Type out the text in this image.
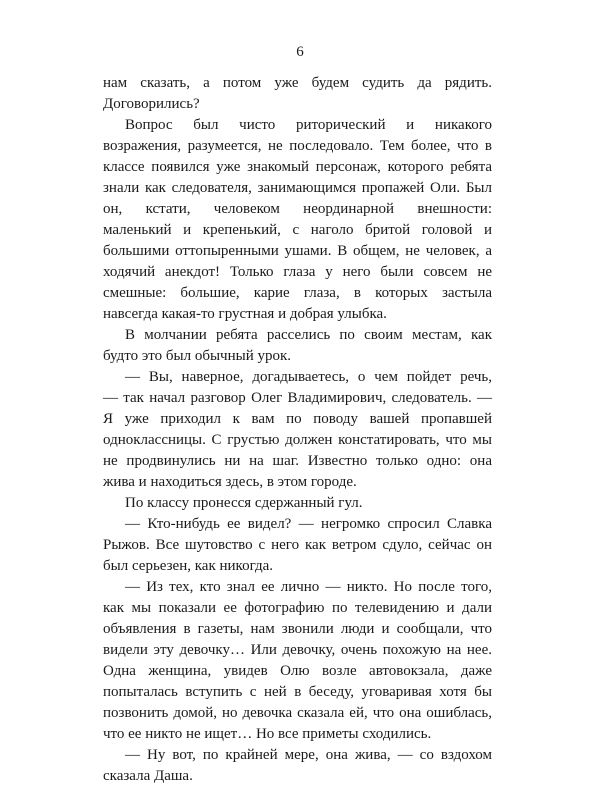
6
нам сказать, а потом уже будем судить да рядить.
Договорились?
Вопрос был чисто риторический и никакого
возражения, разумеется, не последовало. Тем более, что в
классе появился уже знакомый персонаж, которого ребята
знали как следователя, занимающимся пропажей Оли. Был
он, кстати, человеком неординарной внешности:
маленький и крепенький, с наголо бритой головой и
большими оттопыренными ушами. В общем, не человек, а
ходячий анекдот! Только глаза у него были совсем не
смешные: большие, карие глаза, в которых застыла
навсегда какая-то грустная и добрая улыбка.
В молчании ребята расселись по своим местам, как
будто это был обычный урок.
— Вы, наверное, догадываетесь, о чем пойдет речь,
— так начал разговор Олег Владимирович, следователь. —
Я уже приходил к вам по поводу вашей пропавшей
одноклассницы. С грустью должен констатировать, что мы
не продвинулись ни на шаг. Известно только одно: она
жива и находиться здесь, в этом городе.
По классу пронесся сдержанный гул.
— Кто-нибудь ее видел? — негромко спросил Славка
Рыжов. Все шутовство с него как ветром сдуло, сейчас он
был серьезен, как никогда.
— Из тех, кто знал ее лично — никто. Но после того,
как мы показали ее фотографию по телевидению и дали
объявления в газеты, нам звонили люди и сообщали, что
видели эту девочку… Или девочку, очень похожую на нее.
Одна женщина, увидев Олю возле автовокзала, даже
попыталась вступить с ней в беседу, уговаривая хотя бы
позвонить домой, но девочка сказала ей, что она ошиблась,
что ее никто не ищет… Но все приметы сходились.
— Ну вот, по крайней мере, она жива, — со вздохом
сказала Даша.
